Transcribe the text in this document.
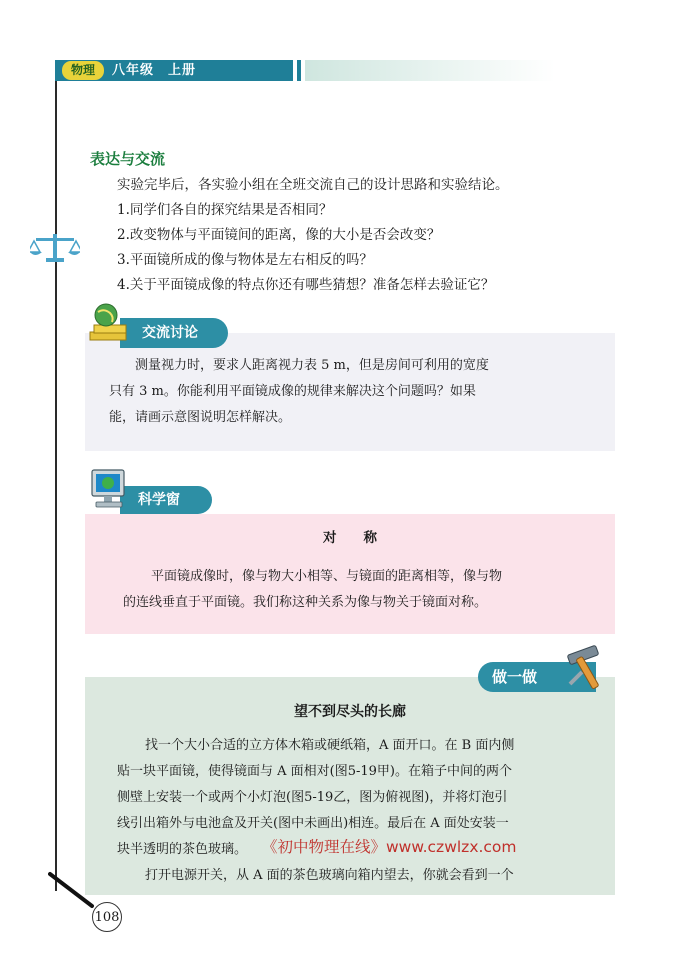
物理	八年级　上册
表达与交流
实验完毕后，各实验小组在全班交流自己的设计思路和实验结论。
1.同学们各自的探究结果是否相同？
2.改变物体与平面镜间的距离，像的大小是否会改变？
3.平面镜所成的像与物体是左右相反的吗？
4.关于平面镜成像的特点你还有哪些猜想？准备怎样去验证它？
测量视力时，要求人距离视力表 5 m，但是房间可利用的宽度
只有 3 m。你能利用平面镜成像的规律来解决这个问题吗？如果
能，请画示意图说明怎样解决。
交流讨论
对　　称
平面镜成像时，像与物大小相等、与镜面的距离相等，像与物
的连线垂直于平面镜。我们称这种关系为像与物关于镜面对称。
科学窗
望不到尽头的长廊
找一个大小合适的立方体木箱或硬纸箱，A 面开口。在 B 面内侧
贴一块平面镜，使得镜面与 A 面相对(图5-19甲)。在箱子中间的两个
侧壁上安装一个或两个小灯泡(图5-19乙，图为俯视图)，并将灯泡引
线引出箱外与电池盒及开关(图中未画出)相连。最后在 A 面处安装一
块半透明的茶色玻璃。
打开电源开关，从 A 面的茶色玻璃向箱内望去，你就会看到一个
做一做
《初中物理在线》www.czwlzx.com
108
